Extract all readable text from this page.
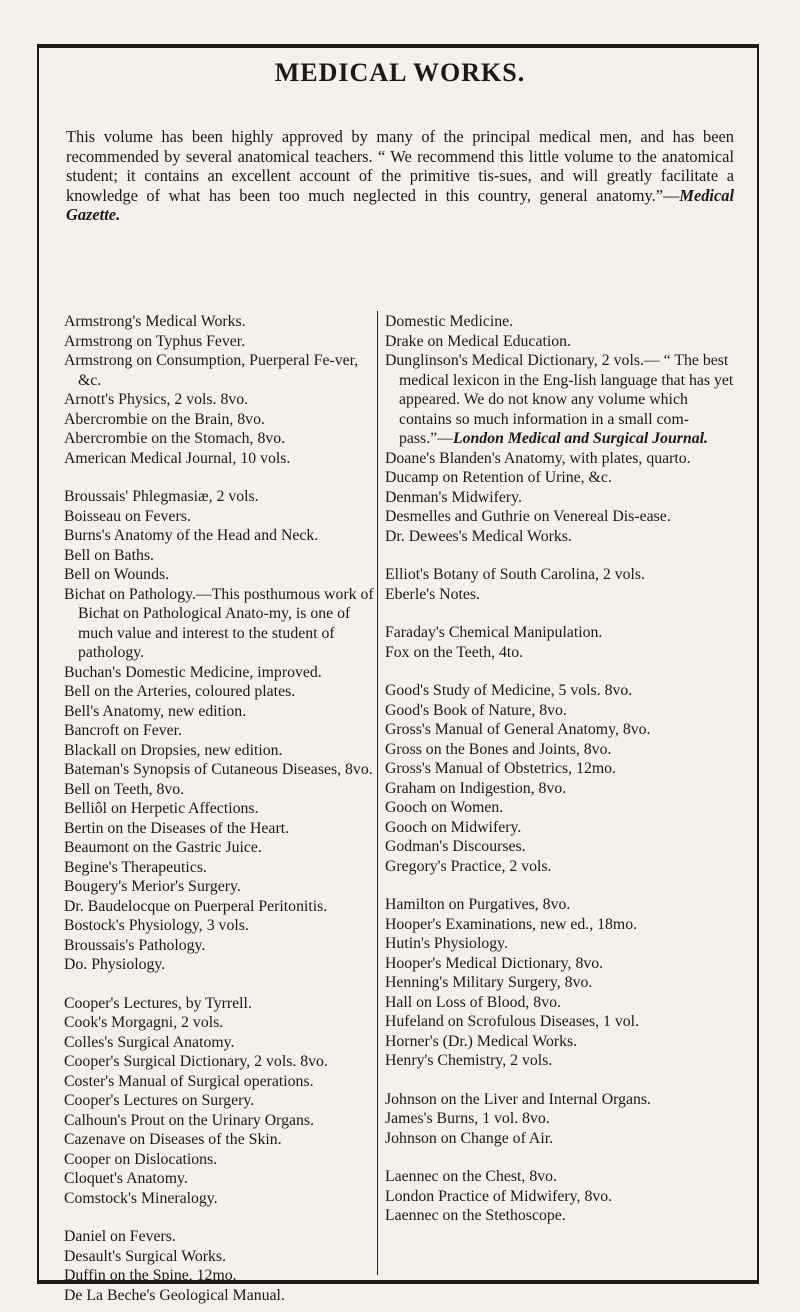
MEDICAL WORKS.

This volume has been highly approved by many of the principal medical men, and has been recommended by several anatomical teachers. “ We recommend this little volume to the anatomical student; it contains an excellent account of the primitive tis-sues, and will greatly facilitate a knowledge of what has been too much neglected in this country, general anatomy.”—Medical Gazette.

Armstrong's Medical Works.

Armstrong on Typhus Fever.

Armstrong on Consumption, Puerperal Fe-ver, &c.

Arnott's Physics, 2 vols. 8vo.

Abercrombie on the Brain, 8vo.

Abercrombie on the Stomach, 8vo.

American Medical Journal, 10 vols.

Broussais' Phlegmasiæ, 2 vols.

Boisseau on Fevers.

Burns's Anatomy of the Head and Neck.

Bell on Baths.

Bell on Wounds.

Bichat on Pathology.—This posthumous work of Bichat on Pathological Anato-my, is one of much value and interest to the student of pathology.

Buchan's Domestic Medicine, improved.

Bell on the Arteries, coloured plates.

Bell's Anatomy, new edition.

Bancroft on Fever.

Blackall on Dropsies, new edition.

Bateman's Synopsis of Cutaneous Diseases, 8vo.

Bell on Teeth, 8vo.

Belliôl on Herpetic Affections.

Bertin on the Diseases of the Heart.

Beaumont on the Gastric Juice.

Begine's Therapeutics.

Bougery's Merior's Surgery.

Dr. Baudelocque on Puerperal Peritonitis.

Bostock's Physiology, 3 vols.

Broussais's Pathology.

Do. Physiology.

Cooper's Lectures, by Tyrrell.

Cook's Morgagni, 2 vols.

Colles's Surgical Anatomy.

Cooper's Surgical Dictionary, 2 vols. 8vo.

Coster's Manual of Surgical operations.

Cooper's Lectures on Surgery.

Calhoun's Prout on the Urinary Organs.

Cazenave on Diseases of the Skin.

Cooper on Dislocations.

Cloquet's Anatomy.

Comstock's Mineralogy.

Daniel on Fevers.

Desault's Surgical Works.

Duffin on the Spine, 12mo.

De La Beche's Geological Manual.

Domestic Medicine.

Drake on Medical Education.

Dunglinson's Medical Dictionary, 2 vols.— “ The best medical lexicon in the Eng-lish language that has yet appeared. We do not know any volume which contains so much information in a small com-pass.”—London Medical and Surgical Journal.

Doane's Blanden's Anatomy, with plates, quarto.

Ducamp on Retention of Urine, &c.

Denman's Midwifery.

Desmelles and Guthrie on Venereal Dis-ease.

Dr. Dewees's Medical Works.

Elliot's Botany of South Carolina, 2 vols.

Eberle's Notes.

Faraday's Chemical Manipulation.

Fox on the Teeth, 4to.

Good's Study of Medicine, 5 vols. 8vo.

Good's Book of Nature, 8vo.

Gross's Manual of General Anatomy, 8vo.

Gross on the Bones and Joints, 8vo.

Gross's Manual of Obstetrics, 12mo.

Graham on Indigestion, 8vo.

Gooch on Women.

Gooch on Midwifery.

Godman's Discourses.

Gregory's Practice, 2 vols.

Hamilton on Purgatives, 8vo.

Hooper's Examinations, new ed., 18mo.

Hutin's Physiology.

Hooper's Medical Dictionary, 8vo.

Henning's Military Surgery, 8vo.

Hall on Loss of Blood, 8vo.

Hufeland on Scrofulous Diseases, 1 vol.

Horner's (Dr.) Medical Works.

Henry's Chemistry, 2 vols.

Johnson on the Liver and Internal Organs.

James's Burns, 1 vol. 8vo.

Johnson on Change of Air.

Laennec on the Chest, 8vo.

London Practice of Midwifery, 8vo.

Laennec on the Stethoscope.
